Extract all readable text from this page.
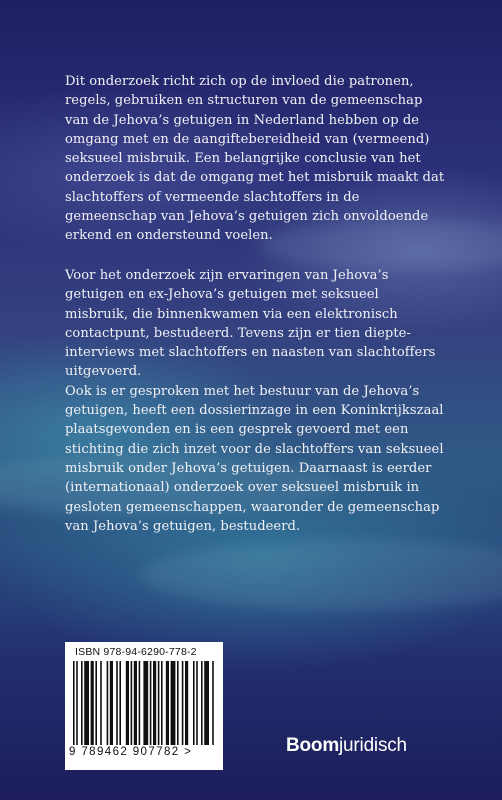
Dit onderzoek richt zich op de invloed die patronen, regels, gebruiken en structuren van de gemeenschap van de Jehova’s getuigen in Nederland hebben op de omgang met en de aangiftebereidheid van (vermeend) seksueel misbruik. Een belangrijke conclusie van het onderzoek is dat de omgang met het misbruik maakt dat slachtoffers of vermeende slachtoffers in de gemeenschap van Jehova’s getuigen zich onvoldoende erkend en ondersteund voelen.

Voor het onderzoek zijn ervaringen van Jehova’s getuigen en ex-Jehova’s getuigen met seksueel misbruik, die binnenkwamen via een elektronisch contactpunt, bestudeerd. Tevens zijn er tien diepte-interviews met slachtoffers en naasten van slachtoffers uitgevoerd.

Ook is er gesproken met het bestuur van de Jehova’s getuigen, heeft een dossierinzage in een Koninkrijkszaal plaatsgevonden en is een gesprek gevoerd met een stichting die zich inzet voor de slachtoffers van seksueel misbruik onder Jehova’s getuigen. Daarnaast is eerder (internationaal) onderzoek over seksueel misbruik in gesloten gemeenschappen, waaronder de gemeenschap van Jehova’s getuigen, bestudeerd.

ISBN 978-94-6290-778-2
9 789462 907782 >	Boomjuridisch
